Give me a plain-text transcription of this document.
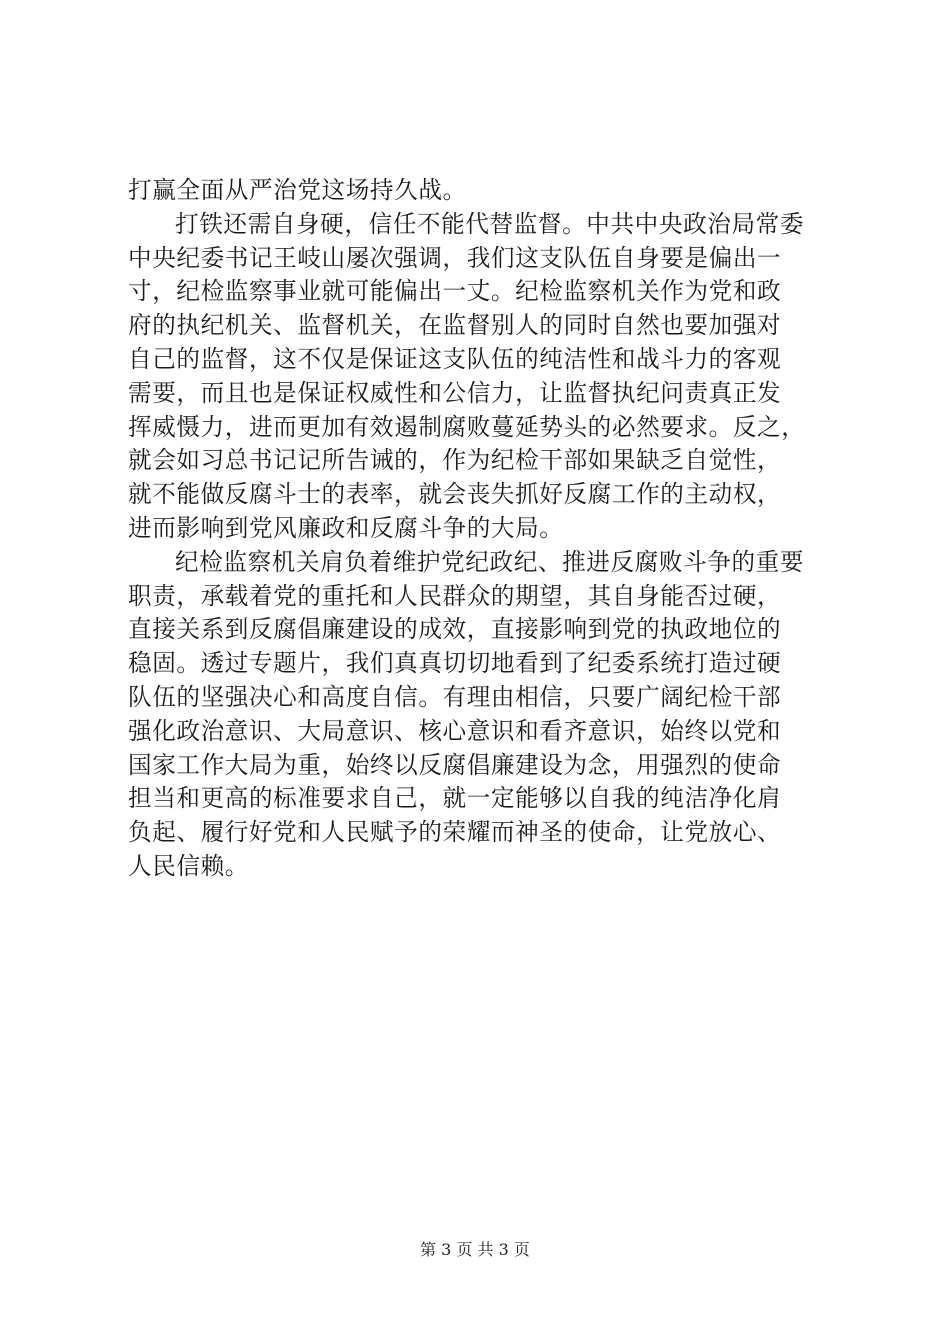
打赢全面从严治党这场持久战。
打铁还需自身硬，信任不能代替监督。中共中央政治局常委
中央纪委书记王岐山屡次强调，我们这支队伍自身要是偏出一
寸，纪检监察事业就可能偏出一丈。纪检监察机关作为党和政
府的执纪机关、监督机关，在监督别人的同时自然也要加强对
自己的监督，这不仅是保证这支队伍的纯洁性和战斗力的客观
需要，而且也是保证权威性和公信力，让监督执纪问责真正发
挥威慑力，进而更加有效遏制腐败蔓延势头的必然要求。反之，
就会如习总书记记所告诫的，作为纪检干部如果缺乏自觉性，
就不能做反腐斗士的表率，就会丧失抓好反腐工作的主动权，
进而影响到党风廉政和反腐斗争的大局。
纪检监察机关肩负着维护党纪政纪、推进反腐败斗争的重要
职责，承载着党的重托和人民群众的期望，其自身能否过硬，
直接关系到反腐倡廉建设的成效，直接影响到党的执政地位的
稳固。透过专题片，我们真真切切地看到了纪委系统打造过硬
队伍的坚强决心和高度自信。有理由相信，只要广阔纪检干部
强化政治意识、大局意识、核心意识和看齐意识，始终以党和
国家工作大局为重，始终以反腐倡廉建设为念，用强烈的使命
担当和更高的标准要求自己，就一定能够以自我的纯洁净化肩
负起、履行好党和人民赋予的荣耀而神圣的使命，让党放心、
人民信赖。
第 3 页 共 3 页
